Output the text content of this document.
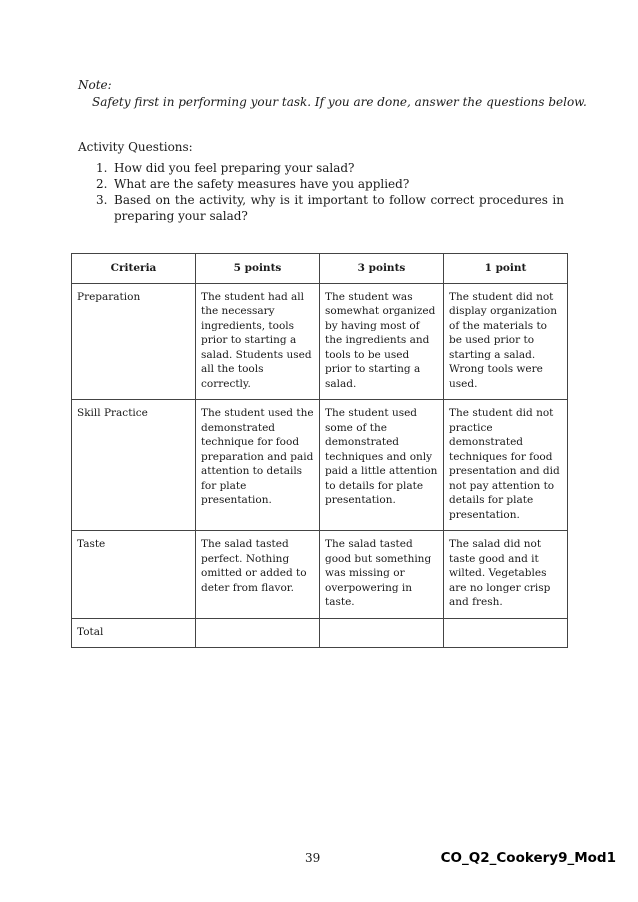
Note:
Safety first in performing your task. If you are done, answer the questions below.
Activity Questions:
1. How did you feel preparing your salad?
2. What are the safety measures have you applied?
3. Based on the activity, why is it important to follow correct procedures in preparing your salad?
Criteria	5 points	3 points	1 point
Preparation	The student had all the necessary ingredients, tools prior to starting a salad. Students used all the tools correctly.	The student was somewhat organized by having most of the ingredients and tools to be used prior to starting a salad.	The student did not display organization of the materials to be used prior to starting a salad. Wrong tools were used.
Skill Practice	The student used the demonstrated technique for food preparation and paid attention to details for plate presentation.	The student used some of the demonstrated techniques and only paid a little attention to details for plate presentation.	The student did not practice demonstrated techniques for food presentation and did not pay attention to details for plate presentation.
Taste	The salad tasted perfect. Nothing omitted or added to deter from flavor.	The salad tasted good but something was missing or overpowering in taste.	The salad did not taste good and it wilted. Vegetables are no longer crisp and fresh.
Total			
39	CO_Q2_Cookery9_Mod1
